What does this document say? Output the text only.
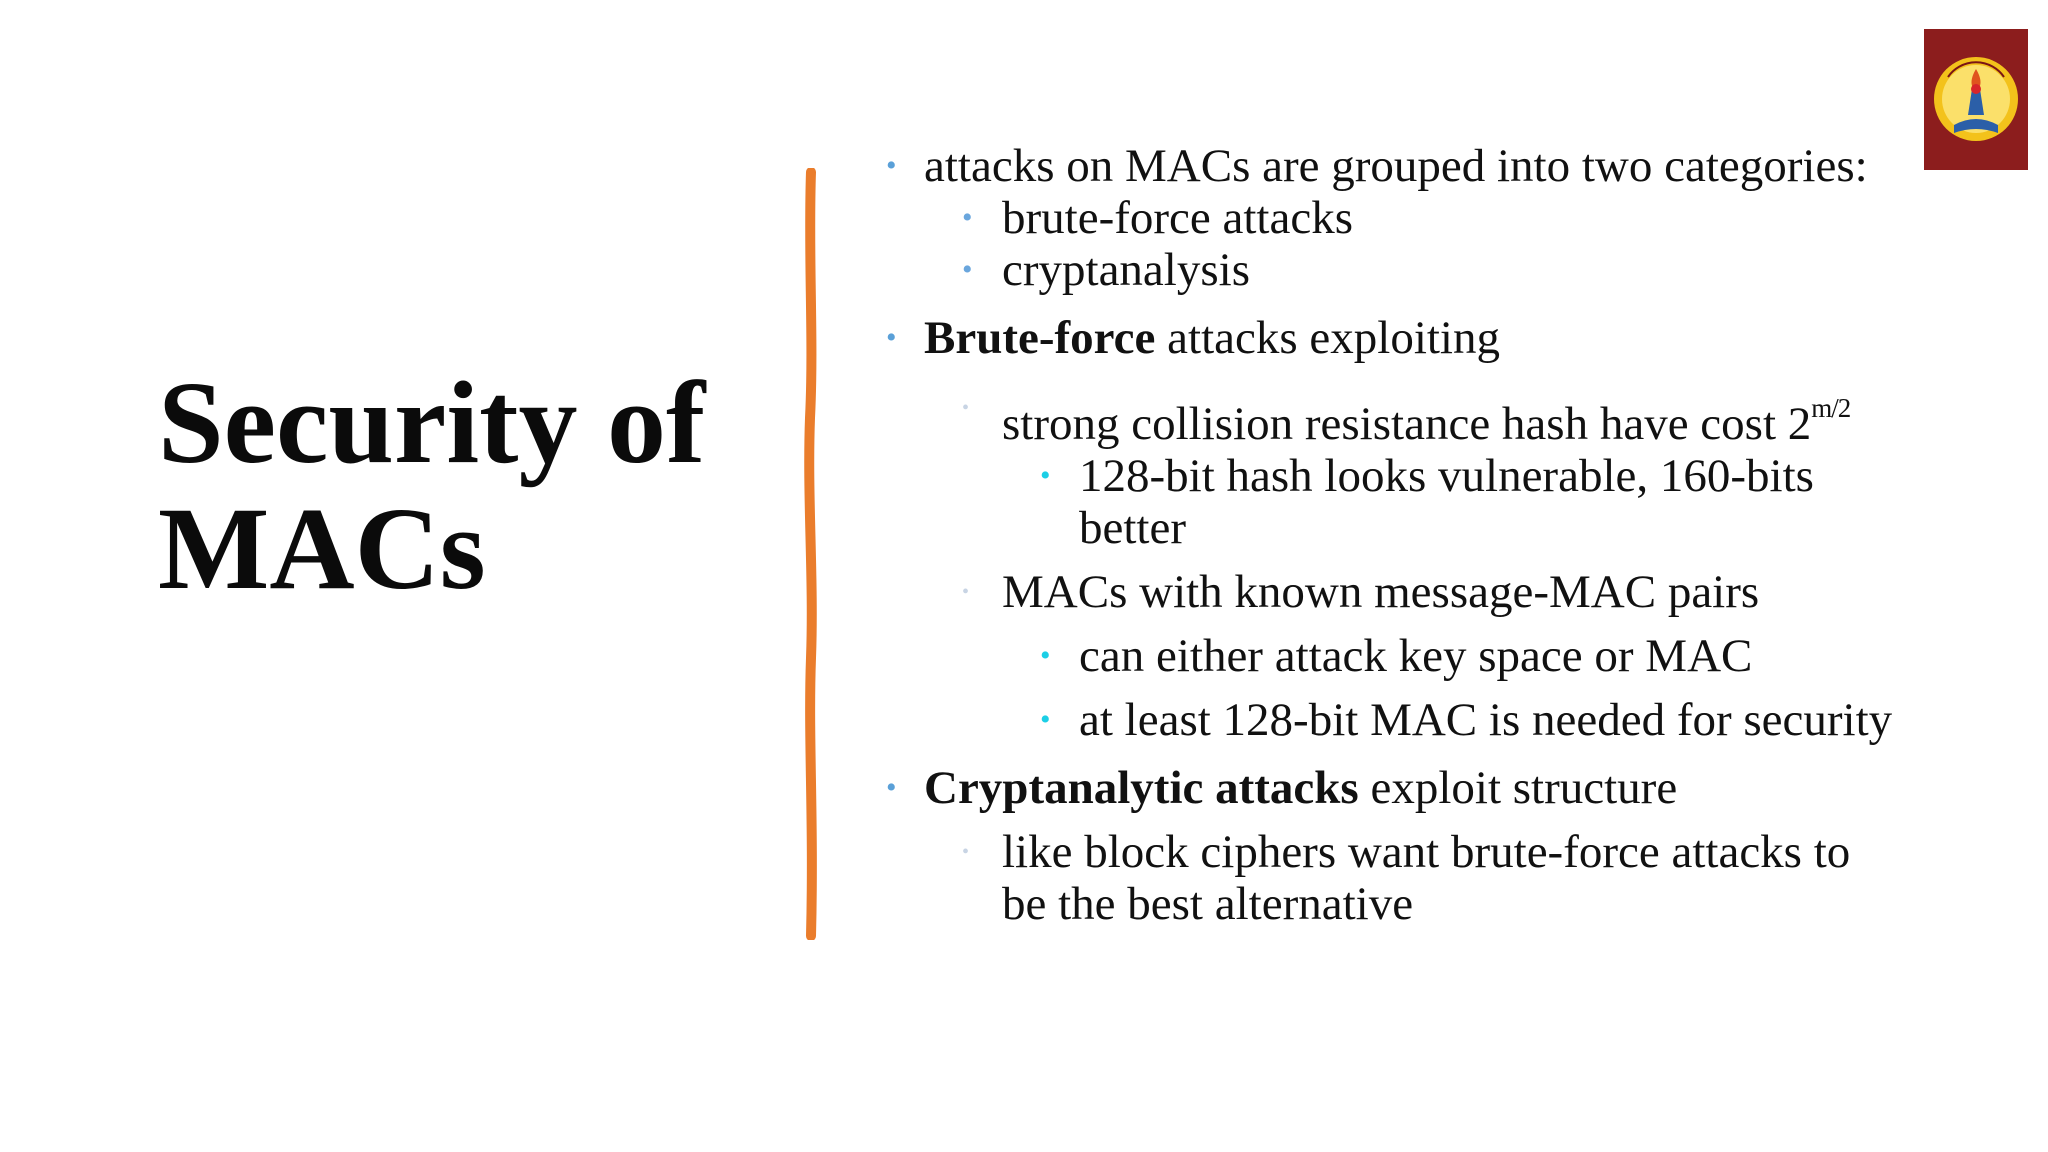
Security of
MACs

• attacks on MACs are grouped into two categories:

• brute-force attacks

• cryptanalysis

• Brute-force attacks exploiting

• strong collision resistance hash have cost $2^{m/2}$

• 128-bit hash looks vulnerable, 160-bits
better

• MACs with known message-MAC pairs

• can either attack key space or MAC

• at least 128-bit MAC is needed for security

• Cryptanalytic attacks exploit structure

• like block ciphers want brute-force attacks to
be the best alternative
